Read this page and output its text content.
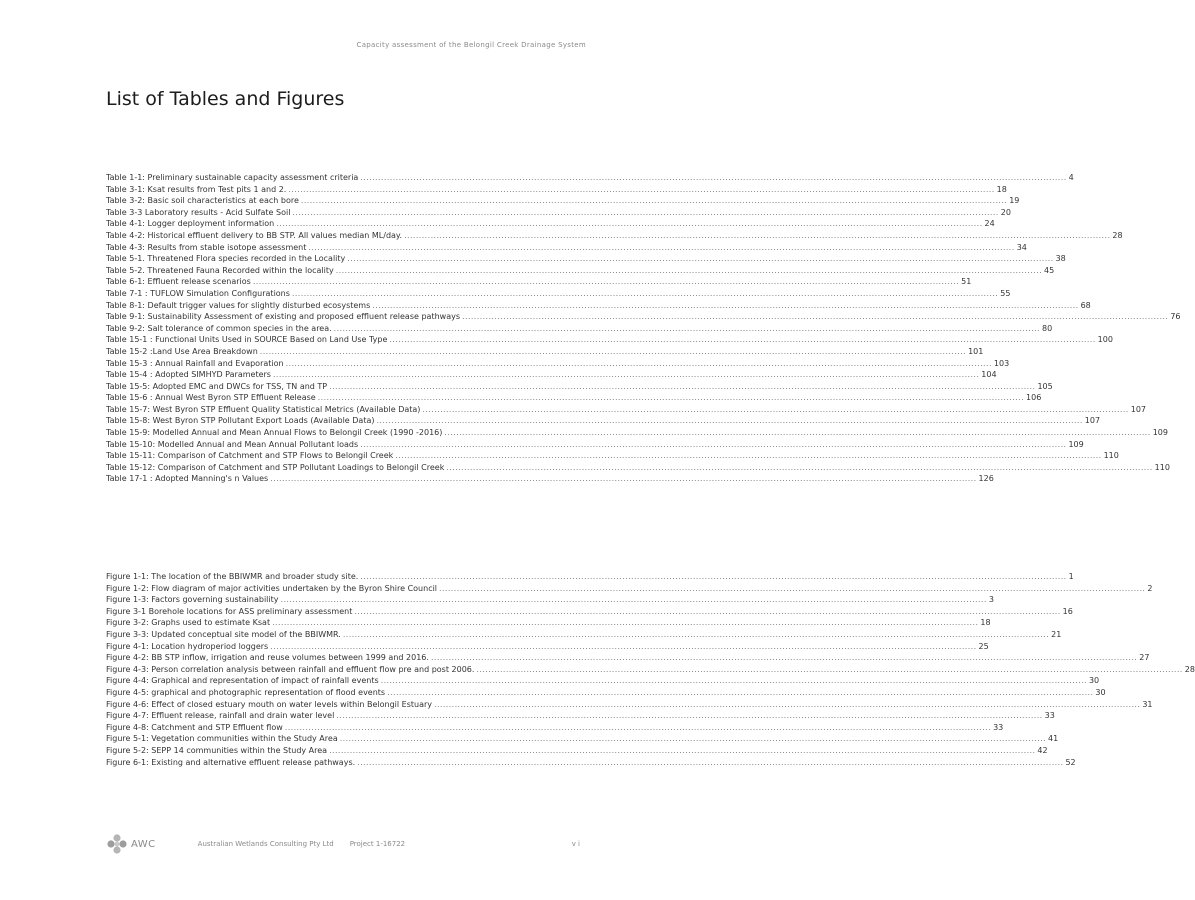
Capacity assessment of the Belongil Creek Drainage System
List of Tables and Figures
Table 1-1: Preliminary sustainable capacity assessment criteria .....	4
Table 3-1: Ksat results from Test pits 1 and 2. .....	18
Table 3-2: Basic soil characteristics at each bore .....	19
Table 3-3 Laboratory results - Acid Sulfate Soil .....	20
Table 4-1: Logger deployment information .....	24
Table 4-2: Historical effluent delivery to BB STP. All values median ML/day. .....	28
Table 4-3: Results from stable isotope assessment .....	34
Table 5-1. Threatened Flora species recorded in the Locality .....	38
Table 5-2. Threatened Fauna Recorded within the locality .....	45
Table 6-1: Effluent release scenarios .....	51
Table 7-1 : TUFLOW Simulation Configurations .....	55
Table 8-1: Default trigger values for slightly disturbed ecosystems .....	68
Table 9-1: Sustainability Assessment of existing and proposed effluent release pathways .....	76
Table 9-2: Salt tolerance of common species in the area. .....	80
Table 15-1 : Functional Units Used in SOURCE Based on Land Use Type .....	100
Table 15-2 :Land Use Area Breakdown .....	101
Table 15-3 : Annual Rainfall and Evaporation .....	103
Table 15-4 : Adopted SIMHYD Parameters .....	104
Table 15-5: Adopted EMC and DWCs for TSS, TN and TP .....	105
Table 15-6 : Annual West Byron STP Effluent Release .....	106
Table 15-7: West Byron STP Effluent Quality Statistical Metrics (Available Data) .....	107
Table 15-8: West Byron STP Pollutant Export Loads (Available Data) .....	107
Table 15-9: Modelled Annual and Mean Annual Flows to Belongil Creek (1990 -2016) .....	109
Table 15-10: Modelled Annual and Mean Annual Pollutant loads .....	109
Table 15-11: Comparison of Catchment and STP Flows to Belongil Creek .....	110
Table 15-12: Comparison of Catchment and STP Pollutant Loadings to Belongil Creek .....	110
Table 17-1 : Adopted Manning's n Values .....	126
Figure 1-1: The location of the BBIWMR and broader study site. .....	1
Figure 1-2: Flow diagram of major activities undertaken by the Byron Shire Council .....	2
Figure 1-3: Factors governing sustainability .....	3
Figure 3-1 Borehole locations for ASS preliminary assessment .....	16
Figure 3-2: Graphs used to estimate Ksat .....	18
Figure 3-3: Updated conceptual site model of the BBIWMR. .....	21
Figure 4-1: Location hydroperiod loggers .....	25
Figure 4-2: BB STP inflow, irrigation and reuse volumes between 1999 and 2016. .....	27
Figure 4-3: Person correlation analysis between rainfall and effluent flow pre and post 2006. .....	28
Figure 4-4: Graphical and representation of impact of rainfall events .....	30
Figure 4-5: graphical and photographic representation of flood events .....	30
Figure 4-6: Effect of closed estuary mouth on water levels within Belongil Estuary .....	31
Figure 4-7: Effluent release, rainfall and drain water level .....	33
Figure 4-8: Catchment and STP Effluent flow .....	33
Figure 5-1: Vegetation communities within the Study Area .....	41
Figure 5-2: SEPP 14 communities within the Study Area .....	42
Figure 6-1: Existing and alternative effluent release pathways. .....	52
AWC	Australian Wetlands Consulting Pty Ltd Project 1-16722	v i
